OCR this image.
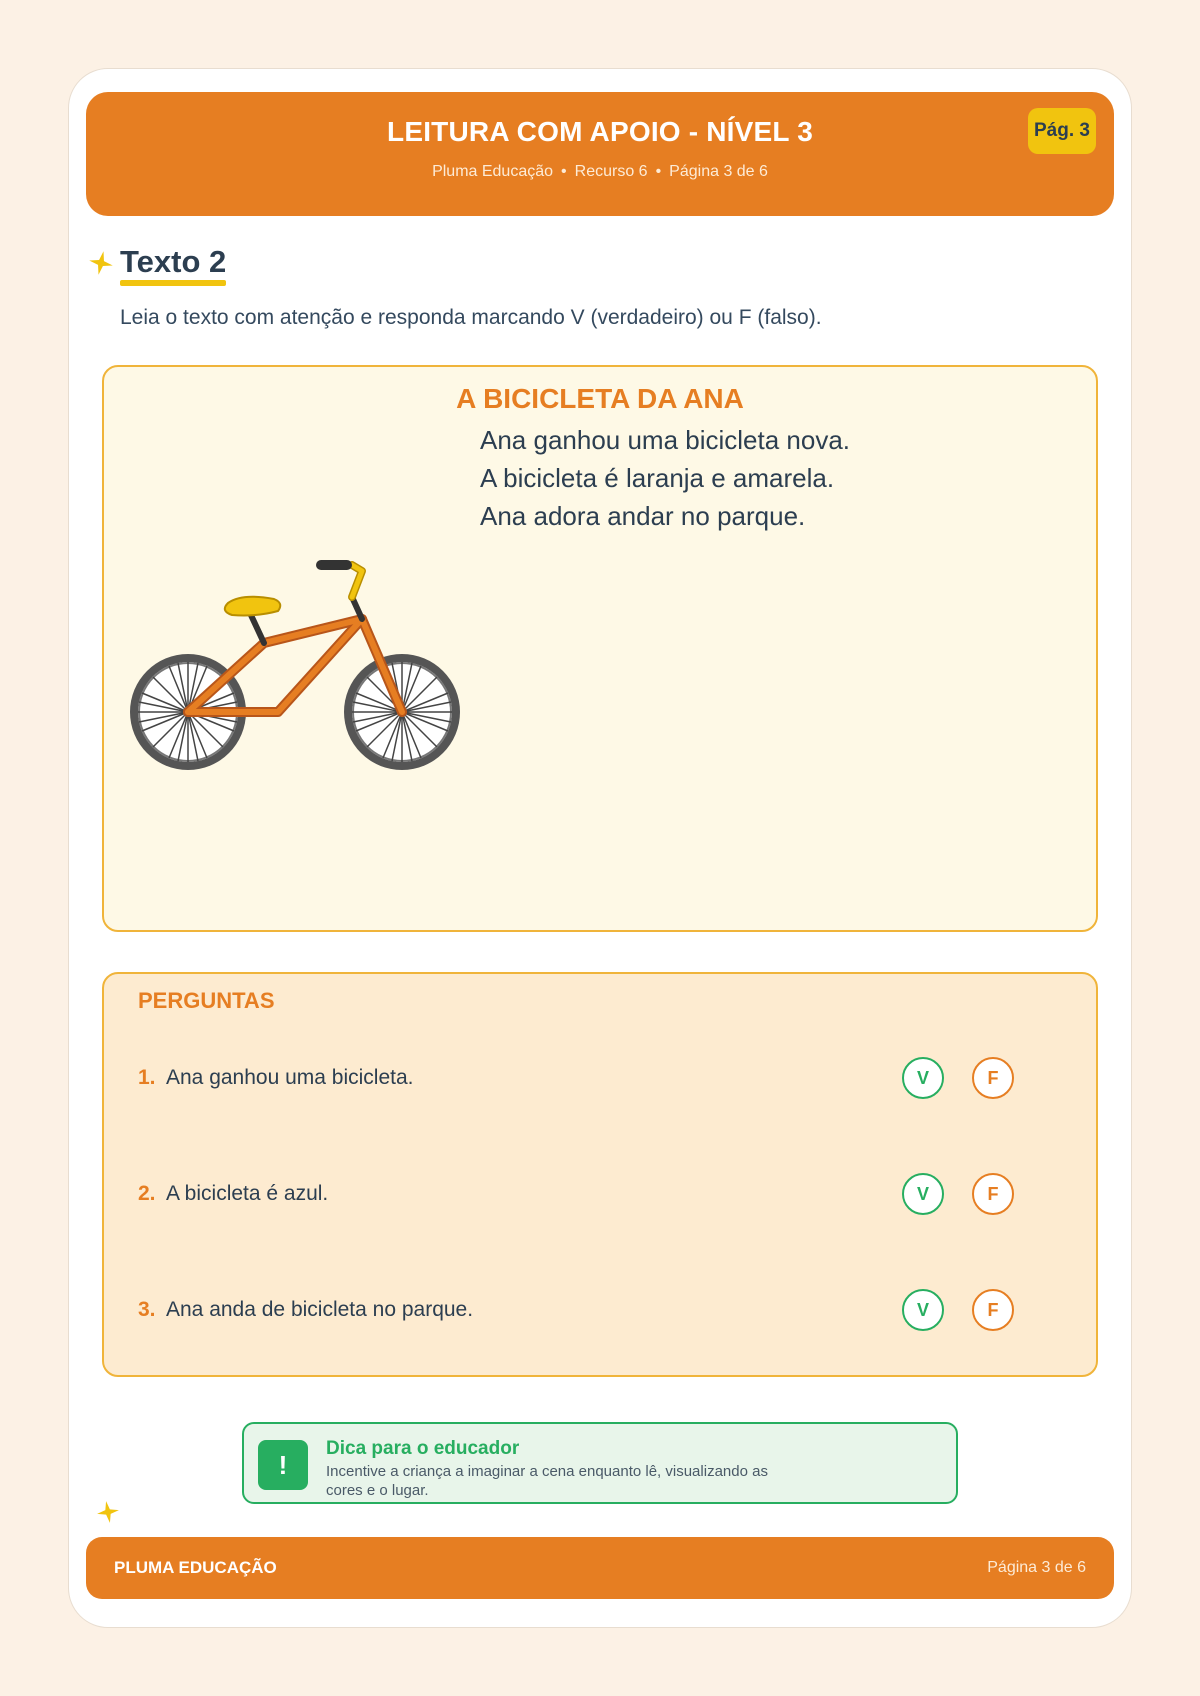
LEITURA COM APOIO - NÍVEL 3
Pluma Educação • Recurso 6 • Página 3 de 6
Pág. 3
Texto 2
Leia o texto com atenção e responda marcando V (verdadeiro) ou F (falso).
A BICICLETA DA ANA
Ana ganhou uma bicicleta nova.
A bicicleta é laranja e amarela.
Ana adora andar no parque.
PERGUNTAS
1. Ana ganhou uma bicicleta.	V	F
2. A bicicleta é azul.	V	F
3. Ana anda de bicicleta no parque.	V	F
!
Dica para o educador
Incentive a criança a imaginar a cena enquanto lê, visualizando as cores e o lugar.
PLUMA EDUCAÇÃO	Página 3 de 6
